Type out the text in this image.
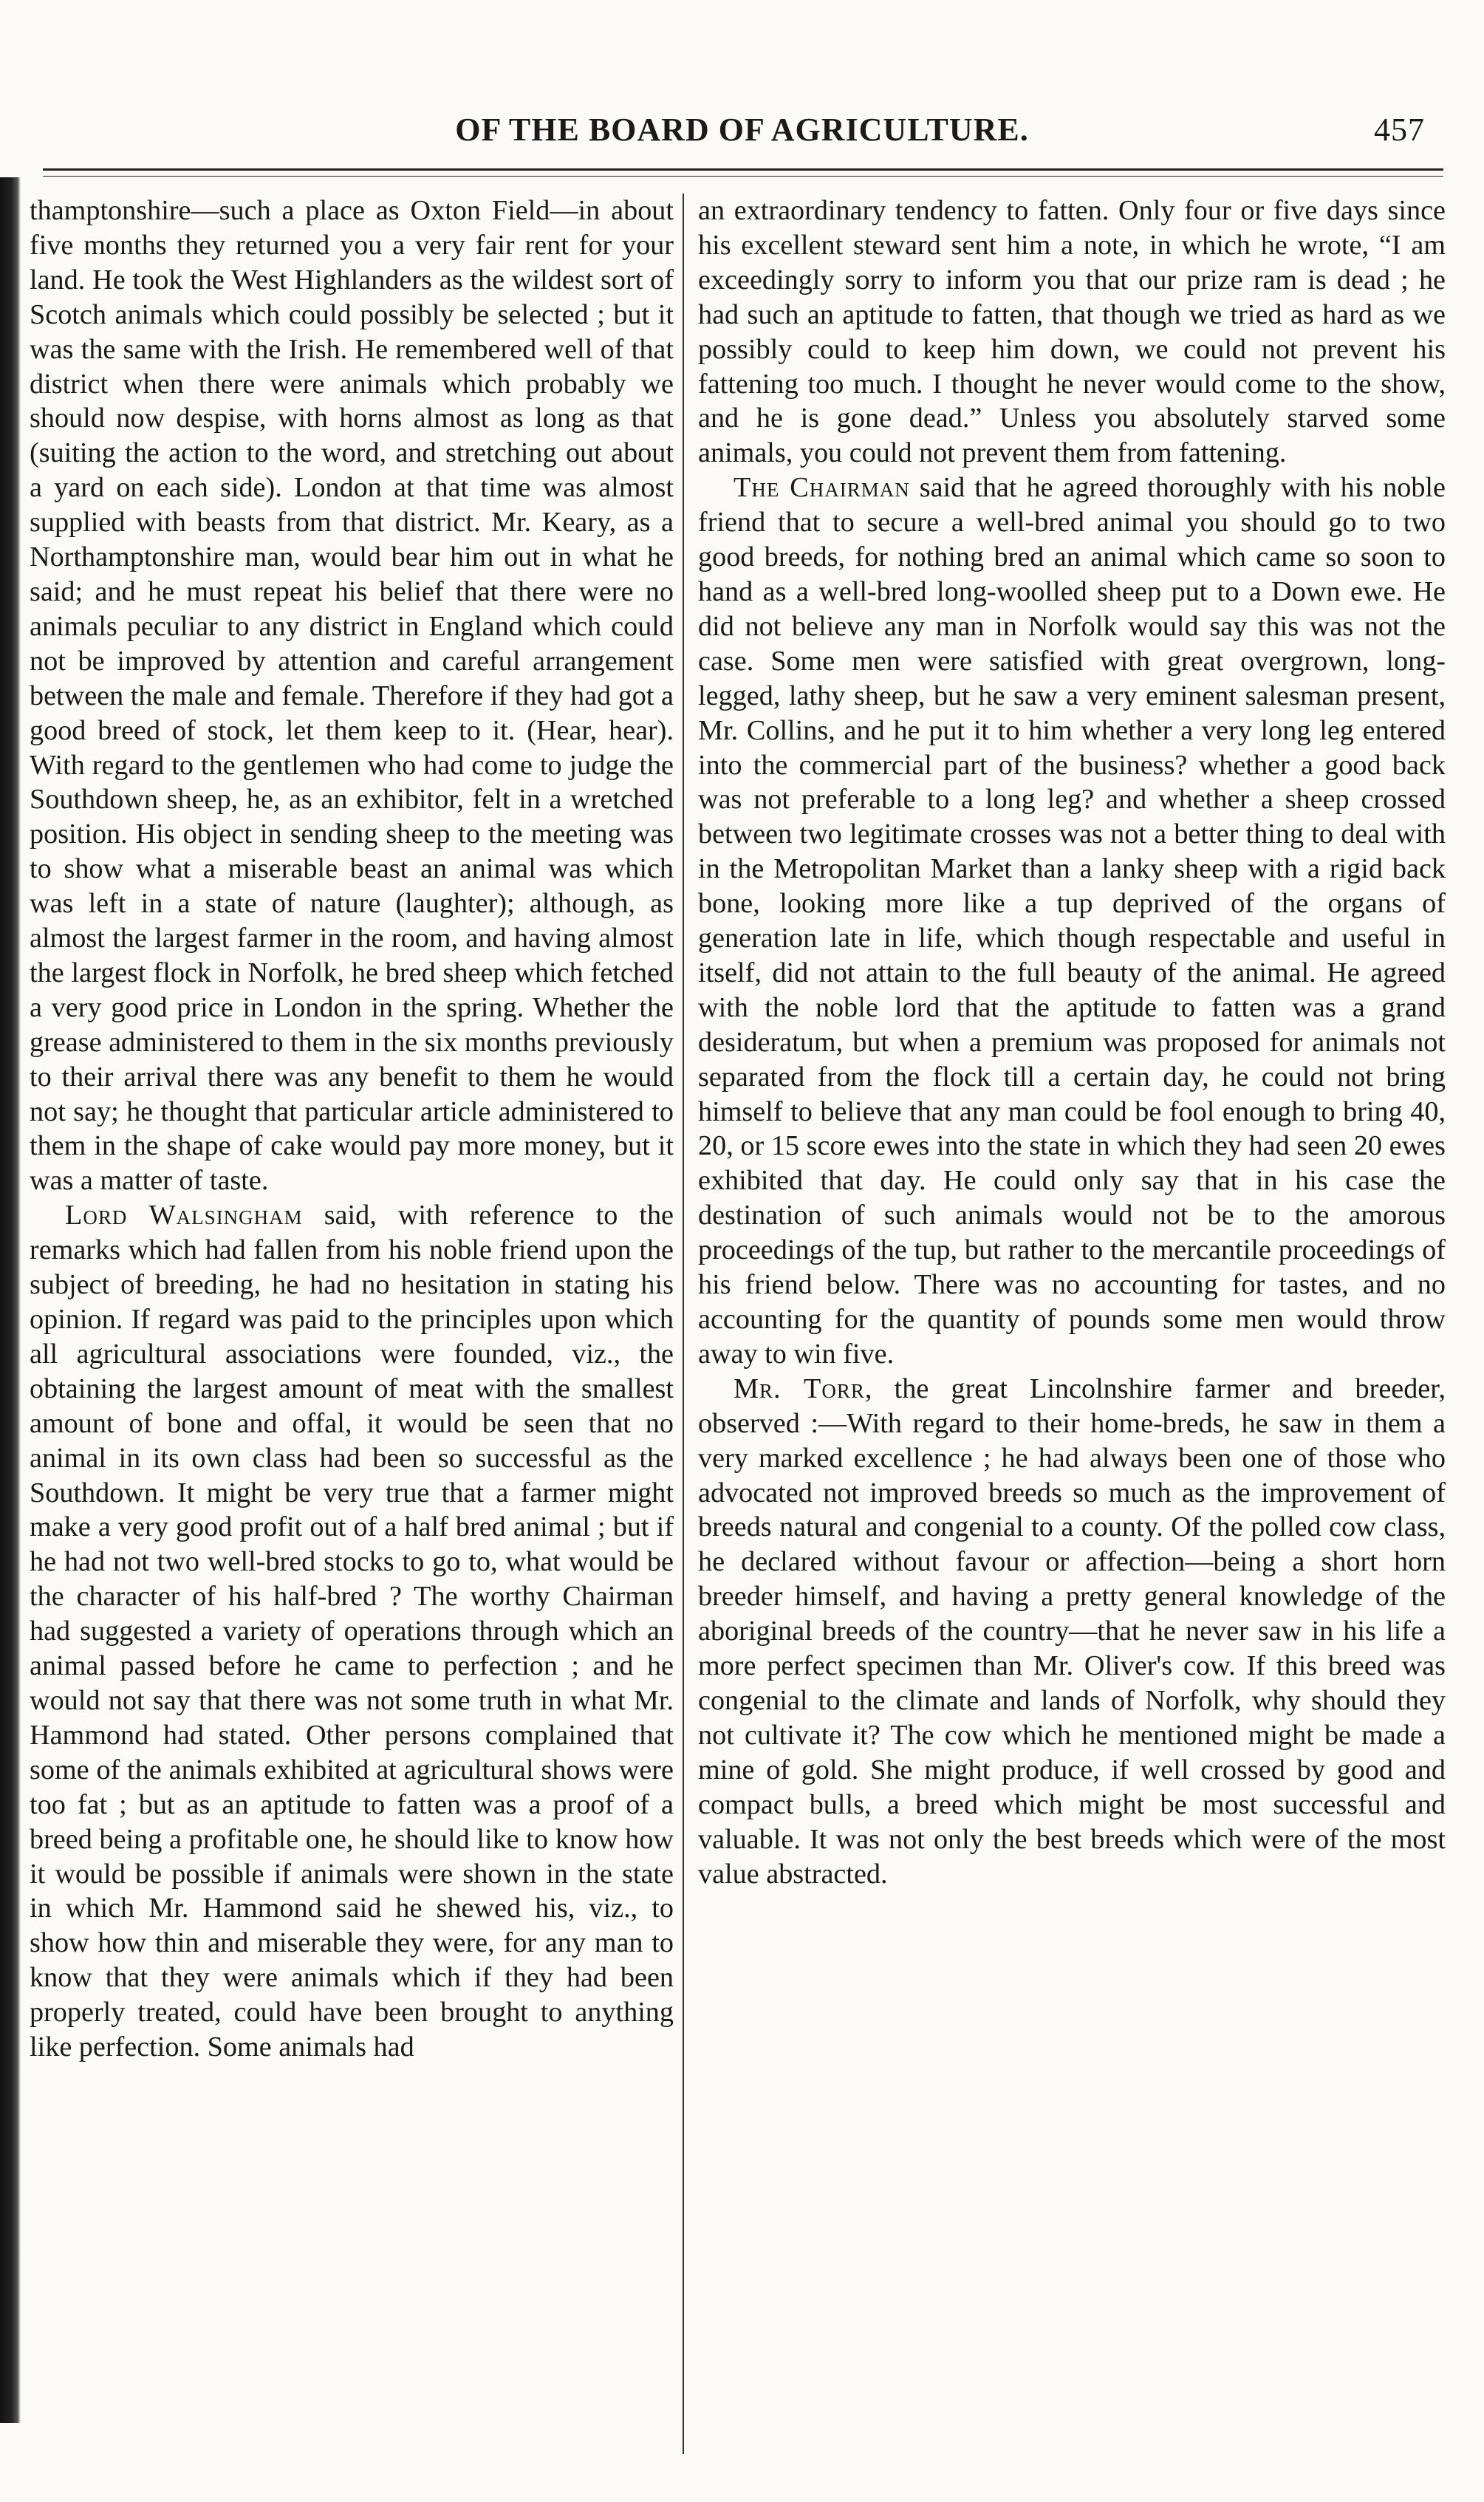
OF THE BOARD OF AGRICULTURE.	457

thamptonshire—such a place as Oxton Field—in about five months they returned you a very fair rent for your land. He took the West Highlanders as the wildest sort of Scotch animals which could possibly be selected ; but it was the same with the Irish. He remembered well of that district when there were animals which probably we should now despise, with horns almost as long as that (suiting the action to the word, and stretching out about a yard on each side). London at that time was almost supplied with beasts from that district. Mr. Keary, as a Northamptonshire man, would bear him out in what he said; and he must repeat his belief that there were no animals peculiar to any district in England which could not be improved by attention and careful arrangement between the male and female. Therefore if they had got a good breed of stock, let them keep to it. (Hear, hear). With regard to the gentlemen who had come to judge the Southdown sheep, he, as an exhibitor, felt in a wretched position. His object in sending sheep to the meeting was to show what a miserable beast an animal was which was left in a state of nature (laughter); although, as almost the largest farmer in the room, and having almost the largest flock in Norfolk, he bred sheep which fetched a very good price in London in the spring. Whether the grease administered to them in the six months previously to their arrival there was any benefit to them he would not say; he thought that particular article administered to them in the shape of cake would pay more money, but it was a matter of taste.

Lord Walsingham said, with reference to the remarks which had fallen from his noble friend upon the subject of breeding, he had no hesitation in stating his opinion. If regard was paid to the principles upon which all agricultural associations were founded, viz., the obtaining the largest amount of meat with the smallest amount of bone and offal, it would be seen that no animal in its own class had been so successful as the Southdown. It might be very true that a farmer might make a very good profit out of a half bred animal ; but if he had not two well-bred stocks to go to, what would be the character of his half-bred ? The worthy Chairman had suggested a variety of operations through which an animal passed before he came to perfection ; and he would not say that there was not some truth in what Mr. Hammond had stated. Other persons complained that some of the animals exhibited at agricultural shows were too fat ; but as an aptitude to fatten was a proof of a breed being a profitable one, he should like to know how it would be possible if animals were shown in the state in which Mr. Hammond said he shewed his, viz., to show how thin and miserable they were, for any man to know that they were animals which if they had been properly treated, could have been brought to anything like perfection. Some animals had

an extraordinary tendency to fatten. Only four or five days since his excellent steward sent him a note, in which he wrote, “I am exceedingly sorry to inform you that our prize ram is dead ; he had such an aptitude to fatten, that though we tried as hard as we possibly could to keep him down, we could not prevent his fattening too much. I thought he never would come to the show, and he is gone dead.” Unless you absolutely starved some animals, you could not prevent them from fattening.

The Chairman said that he agreed thoroughly with his noble friend that to secure a well-bred animal you should go to two good breeds, for nothing bred an animal which came so soon to hand as a well-bred long-woolled sheep put to a Down ewe. He did not believe any man in Norfolk would say this was not the case. Some men were satisfied with great overgrown, long-legged, lathy sheep, but he saw a very eminent salesman present, Mr. Collins, and he put it to him whether a very long leg entered into the commercial part of the business? whether a good back was not preferable to a long leg? and whether a sheep crossed between two legitimate crosses was not a better thing to deal with in the Metropolitan Market than a lanky sheep with a rigid back bone, looking more like a tup deprived of the organs of generation late in life, which though respectable and useful in itself, did not attain to the full beauty of the animal. He agreed with the noble lord that the aptitude to fatten was a grand desideratum, but when a premium was proposed for animals not separated from the flock till a certain day, he could not bring himself to believe that any man could be fool enough to bring 40, 20, or 15 score ewes into the state in which they had seen 20 ewes exhibited that day. He could only say that in his case the destination of such animals would not be to the amorous proceedings of the tup, but rather to the mercantile proceedings of his friend below. There was no accounting for tastes, and no accounting for the quantity of pounds some men would throw away to win five.

Mr. Torr, the great Lincolnshire farmer and breeder, observed :—With regard to their home-breds, he saw in them a very marked excellence ; he had always been one of those who advocated not improved breeds so much as the improvement of breeds natural and congenial to a county. Of the polled cow class, he declared without favour or affection—being a short horn breeder himself, and having a pretty general knowledge of the aboriginal breeds of the country—that he never saw in his life a more perfect specimen than Mr. Oliver's cow. If this breed was congenial to the climate and lands of Norfolk, why should they not cultivate it? The cow which he mentioned might be made a mine of gold. She might produce, if well crossed by good and compact bulls, a breed which might be most successful and valuable. It was not only the best breeds which were of the most value abstracted.
